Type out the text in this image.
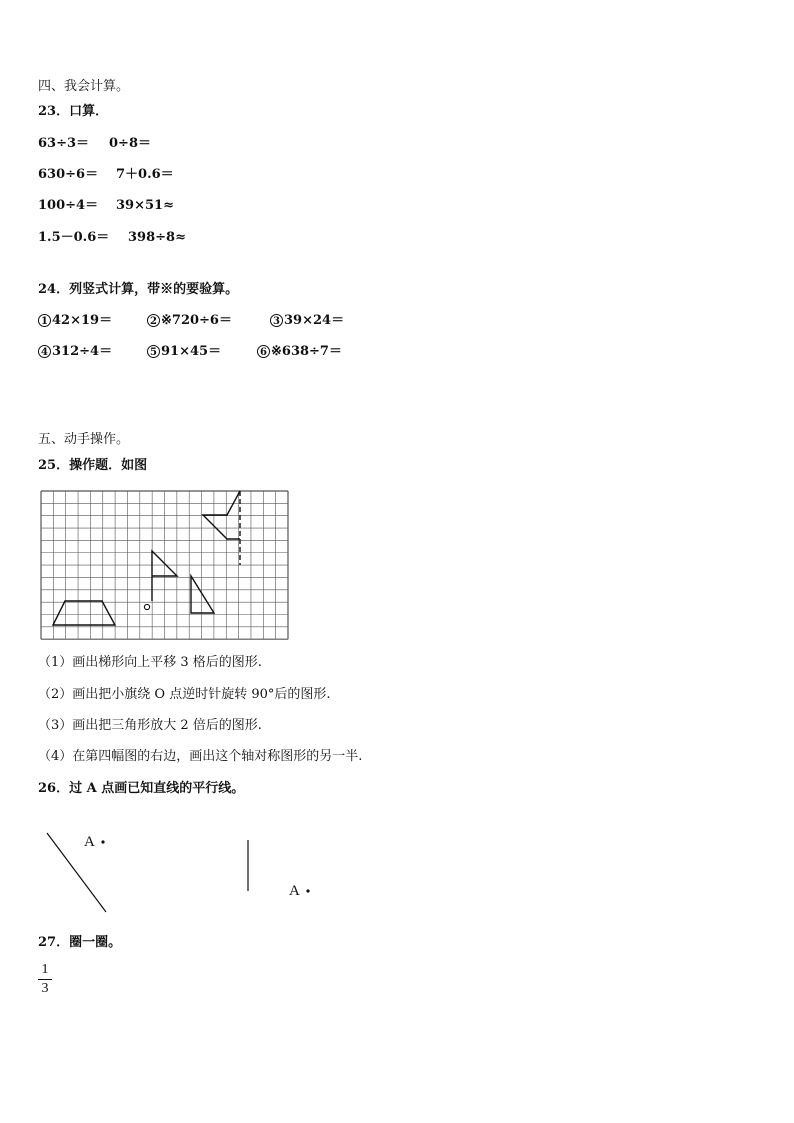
四、我会计算。
23．口算．
63÷3＝ 0÷8＝
630÷6＝ 7＋0.6＝
100÷4＝ 39×51≈
1.5－0.6＝ 398÷8≈
24．列竖式计算，带※的要验算。
1 42×19＝	2 ※720÷6＝	3 39×24＝
4 312÷4＝	5 91×45＝	6 ※638÷7＝
五、动手操作。
25．操作题．如图
（1）画出梯形向上平移 3 格后的图形.
（2）画出把小旗绕 O 点逆时针旋转 90°后的图形.
（3）画出把三角形放大 2 倍后的图形.
（4）在第四幅图的右边，画出这个轴对称图形的另一半.
26．过 A 点画已知直线的平行线。
A
A
27．圈一圈。
1
3
